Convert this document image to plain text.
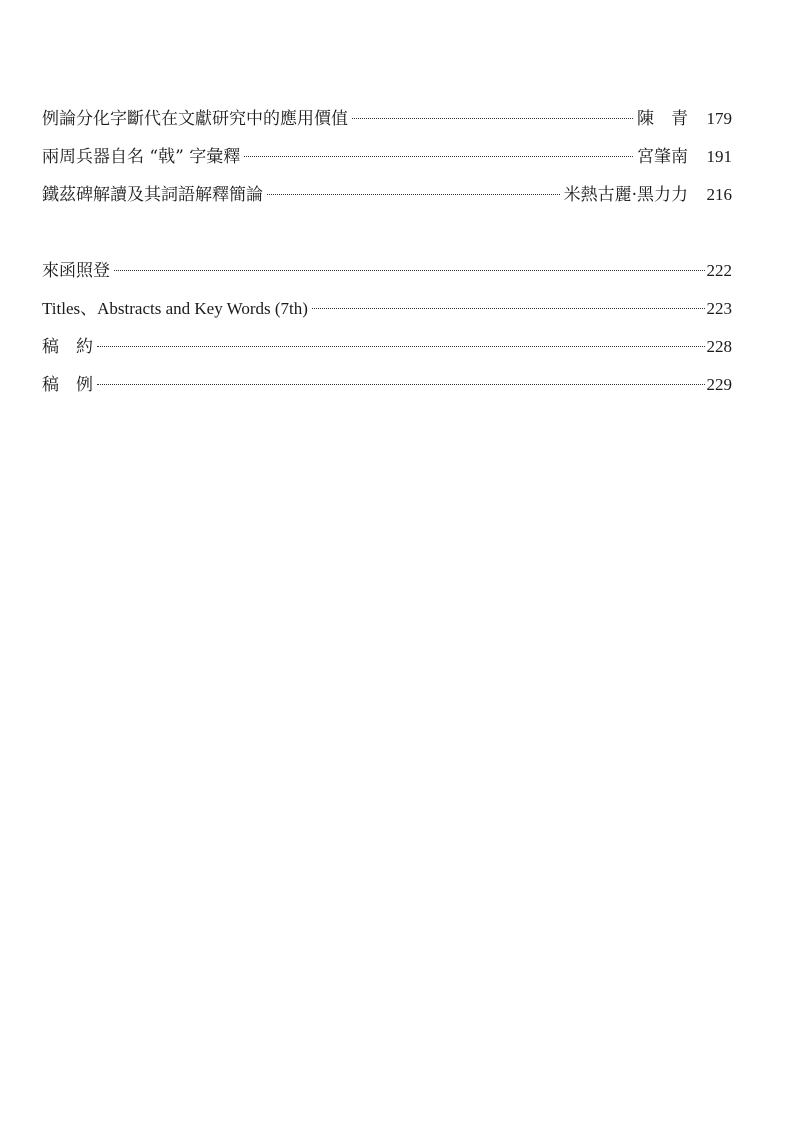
例論分化字斷代在文獻研究中的應用價值	陳　青	179
兩周兵器自名 “戟” 字彙釋	宮肇南	191
鐵茲碑解讀及其詞語解釋簡論	米熱古麗·黑力力	216
來函照登	222
Titles、Abstracts and Key Words (7th)	223
稿　約	228
稿　例	229
